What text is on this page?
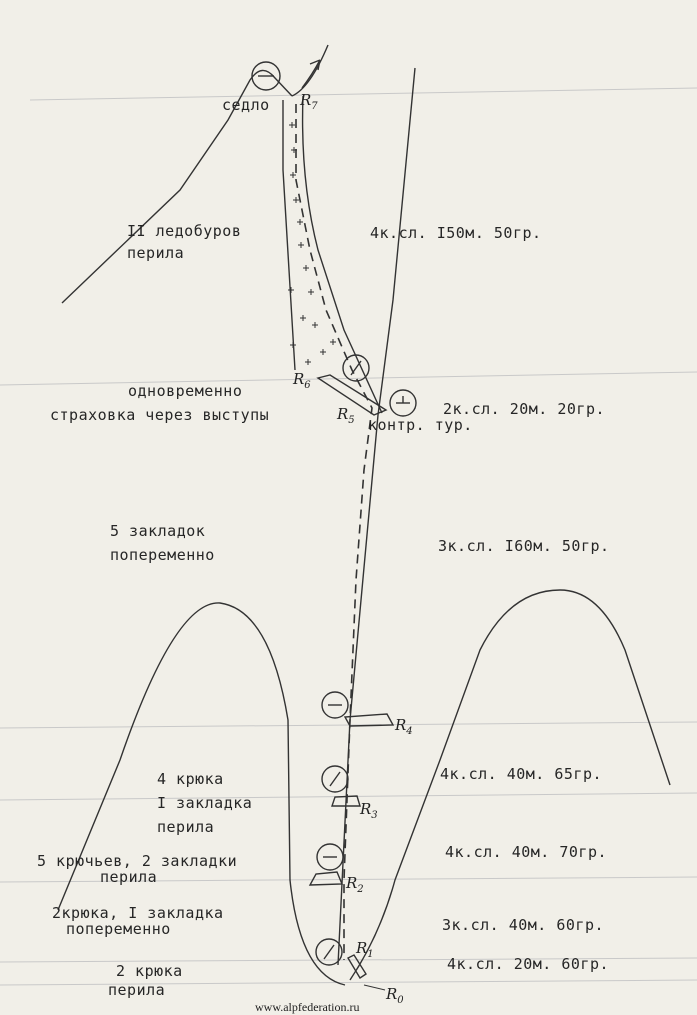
$R_7$
$R_6$
$R_5$
$R_4$
$R_3$
$R_2$
$R_1$
$R_0$
седло
II ледобуров
перила
одновременно
страховка через выступы
контр. тур.
5 закладок
попеременно
4 крюка
I закладка
перила
5 крючьев, 2 закладки
перила
2крюка, I закладка
попеременно
2 крюка
перила
4к.сл. I50м. 50гр.
2к.сл. 20м. 20гр.
3к.сл. I60м. 50гр.
4к.сл. 40м. 65гр.
4к.сл. 40м. 70гр.
3к.сл. 40м. 60гр.
4к.сл. 20м. 60гр.
www.alpfederation.ru
